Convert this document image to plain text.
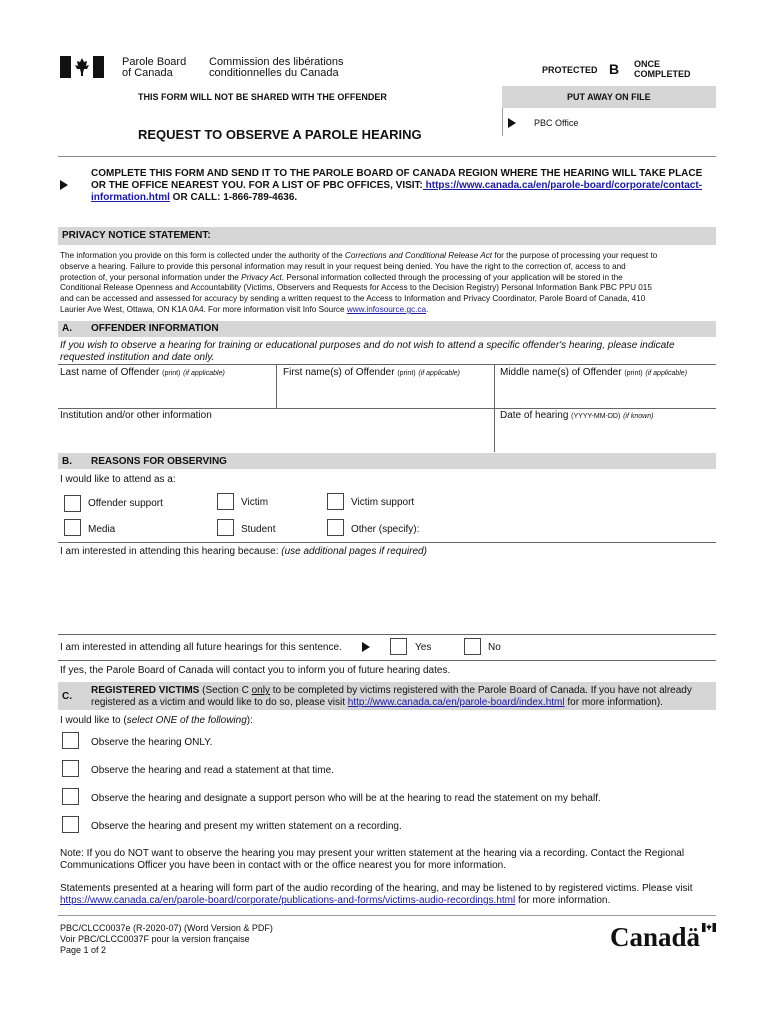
Parole Board
of Canada
Commission des libérations
conditionnelles du Canada	PROTECTED B ONCE
COMPLETED
THIS FORM WILL NOT BE SHARED WITH THE OFFENDER	PUT AWAY ON FILE
PBC Office
REQUEST TO OBSERVE A PAROLE HEARING
COMPLETE THIS FORM AND SEND IT TO THE PAROLE BOARD OF CANADA REGION WHERE THE HEARING WILL TAKE PLACE
OR THE OFFICE NEAREST YOU. FOR A LIST OF PBC OFFICES, VISIT: https://www.canada.ca/en/parole-board/corporate/contact-
information.html OR CALL: 1-866-789-4636.
PRIVACY NOTICE STATEMENT:
The information you provide on this form is collected under the authority of the Corrections and Conditional Release Act for the purpose of processing your request to
observe a hearing. Failure to provide this personal information may result in your request being denied. You have the right to the correction of, access to and
protection of, your personal information under the Privacy Act. Personal information collected through the processing of your application will be stored in the
Conditional Release Openness and Accountability (Victims, Observers and Requests for Access to the Decision Registry) Personal Information Bank PBC PPU 015
and can be accessed and assessed for accuracy by sending a written request to the Access to Information and Privacy Coordinator, Parole Board of Canada, 410
Laurier Ave West, Ottawa, ON K1A 0A4. For more information visit Info Source www.infosource.gc.ca.
A. OFFENDER INFORMATION
If you wish to observe a hearing for training or educational purposes and do not wish to attend a specific offender's hearing, please indicate
requested institution and date only.
Last name of Offender (print) (if applicable)	First name(s) of Offender (print) (if applicable)	Middle name(s) of Offender (print) (if applicable)
Institution and/or other information	Date of hearing (YYYY-MM-DD) (if known)
B. REASONS FOR OBSERVING
I would like to attend as a:
Offender support	Victim	Victim support
Media	Student	Other (specify):
I am interested in attending this hearing because: (use additional pages if required)
I am interested in attending all future hearings for this sentence.	Yes	No
If yes, the Parole Board of Canada will contact you to inform you of future hearing dates.
C.
REGISTERED VICTIMS (Section C only to be completed by victims registered with the Parole Board of Canada. If you have not already
registered as a victim and would like to do so, please visit http://www.canada.ca/en/parole-board/index.html for more information).
I would like to (select ONE of the following):
Observe the hearing ONLY.
Observe the hearing and read a statement at that time.
Observe the hearing and designate a support person who will be at the hearing to read the statement on my behalf.
Observe the hearing and present my written statement on a recording.
Note: If you do NOT want to observe the hearing you may present your written statement at the hearing via a recording. Contact the Regional
Communications Officer you have been in contact with or the office nearest you for more information.
Statements presented at a hearing will form part of the audio recording of the hearing, and may be listened to by registered victims. Please visit
https://www.canada.ca/en/parole-board/corporate/publications-and-forms/victims-audio-recordings.html for more information.
PBC/CLCC0037e (R-2020-07) (Word Version & PDF)
Voir PBC/CLCC0037F pour la version française
Page 1 of 2	Canadä
